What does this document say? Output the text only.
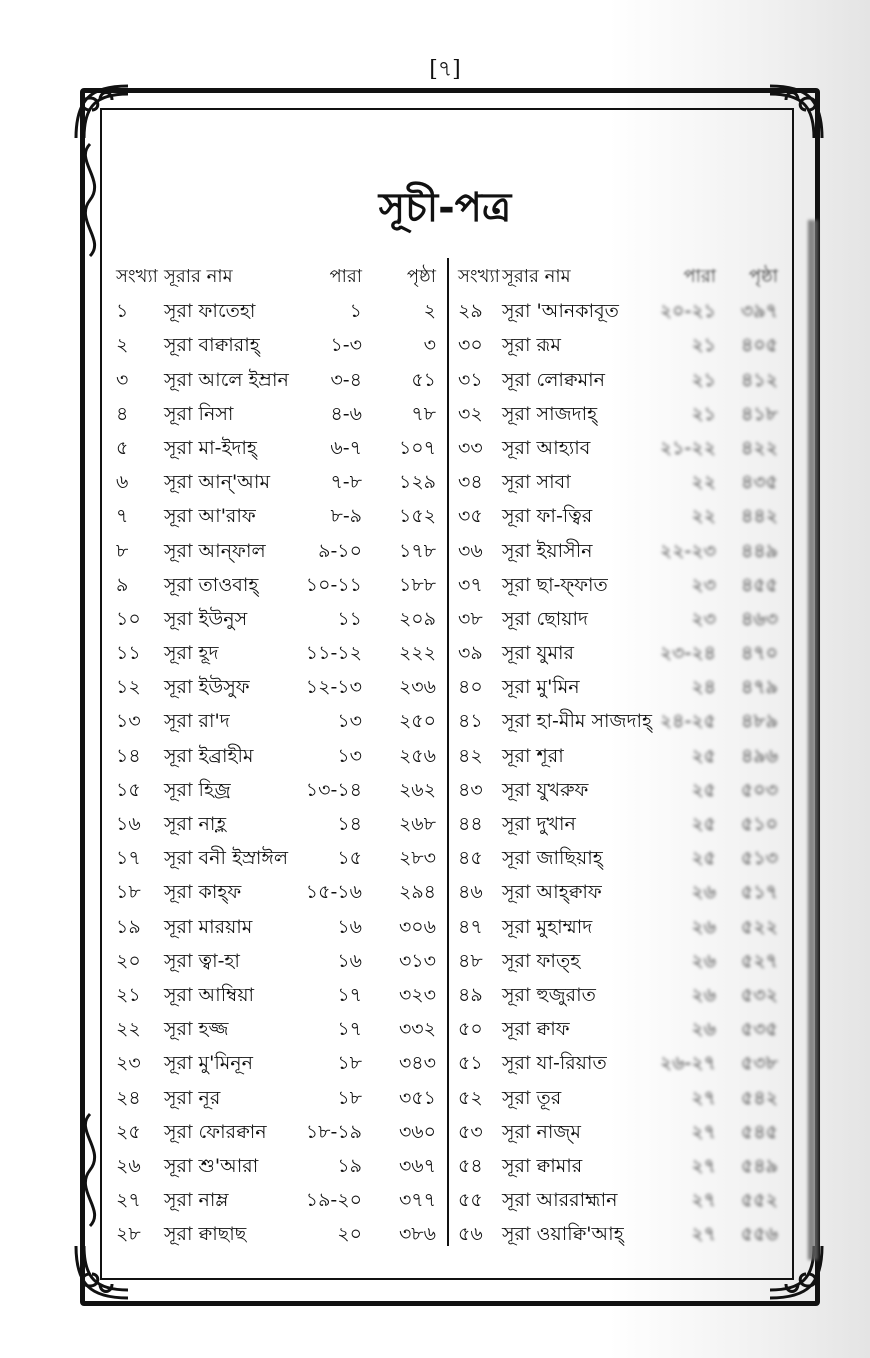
[৭]
সূচী-পত্র
সংখ্যা সূরার নাম	পারা পৃষ্ঠা
১	সূরা ফাতেহা	১	২
২	সূরা বাক্বারাহ্	১-৩	৩
৩	সূরা আলে ইম্রান	৩-৪	৫১
৪	সূরা নিসা	৪-৬	৭৮
৫	সূরা মা-ইদাহ্	৬-৭ ১০৭
৬	সূরা আন্'আম	৭-৮ ১২৯
৭	সূরা আ'রাফ	৮-৯ ১৫২
৮	সূরা আন্ফাল	৯-১০ ১৭৮
৯	সূরা তাওবাহ্	১০-১১ ১৮৮
১০	সূরা ইউনুস	১১ ২০৯
১১	সূরা হূদ	১১-১২ ২২২
১২	সূরা ইউসুফ	১২-১৩ ২৩৬
১৩	সূরা রা'দ	১৩ ২৫০
১৪	সূরা ইব্রাহীম	১৩ ২৫৬
১৫	সূরা হিজ্র	১৩-১৪ ২৬২
১৬	সূরা নাহ্ল	১৪ ২৬৮
১৭	সূরা বনী ইস্রাঈল	১৫ ২৮৩
১৮	সূরা কাহ্ফ	১৫-১৬ ২৯৪
১৯	সূরা মারয়াম	১৬ ৩০৬
২০	সূরা ত্বা-হা	১৬ ৩১৩
২১	সূরা আম্বিয়া	১৭ ৩২৩
২২	সূরা হজ্জ	১৭ ৩৩২
২৩	সূরা মু'মিনূন	১৮ ৩৪৩
২৪	সূরা নূর	১৮ ৩৫১
২৫	সূরা ফোরক্বান	১৮-১৯ ৩৬০
২৬	সূরা শু'আরা	১৯ ৩৬৭
২৭	সূরা নাম্ল	১৯-২০ ৩৭৭
২৮	সূরা ক্বাছাছ	২০ ৩৮৬
সংখ্যা সূরার নাম	পারা পৃষ্ঠা
২৯	সূরা 'আনকাবূত	২০-২১ ৩৯৭
৩০	সূরা রূম	২১ ৪০৫
৩১	সূরা লোক্বমান	২১ ৪১২
৩২	সূরা সাজদাহ্	২১ ৪১৮
৩৩	সূরা আহ্যাব	২১-২২ ৪২২
৩৪	সূরা সাবা	২২ ৪৩৫
৩৫	সূরা ফা-ত্বির	২২ ৪৪২
৩৬	সূরা ইয়াসীন	২২-২৩ ৪৪৯
৩৭	সূরা ছা-ফ্ফাত	২৩ ৪৫৫
৩৮	সূরা ছোয়াদ	২৩ ৪৬৩
৩৯	সূরা যুমার	২৩-২৪ ৪৭০
৪০	সূরা মু'মিন	২৪ ৪৭৯
৪১	সূরা হা-মীম সাজদাহ্ ২৪-২৫ ৪৮৯
৪২	সূরা শূরা	২৫ ৪৯৬
৪৩	সূরা যুখরুফ	২৫ ৫০৩
৪৪	সূরা দুখান	২৫ ৫১০
৪৫	সূরা জাছিয়াহ্	২৫ ৫১৩
৪৬	সূরা আহ্ক্বাফ	২৬ ৫১৭
৪৭	সূরা মুহাম্মাদ	২৬ ৫২২
৪৮	সূরা ফাত্হ	২৬ ৫২৭
৪৯	সূরা হুজুরাত	২৬ ৫৩২
৫০	সূরা ক্বাফ	২৬ ৫৩৫
৫১	সূরা যা-রিয়াত	২৬-২৭ ৫৩৮
৫২	সূরা তূর	২৭ ৫৪২
৫৩	সূরা নাজ্ম	২৭ ৫৪৫
৫৪	সূরা ক্বামার	২৭ ৫৪৯
৫৫	সূরা আররাহ্মান	২৭ ৫৫২
৫৬	সূরা ওয়াক্বি'আহ্	২৭ ৫৫৬
